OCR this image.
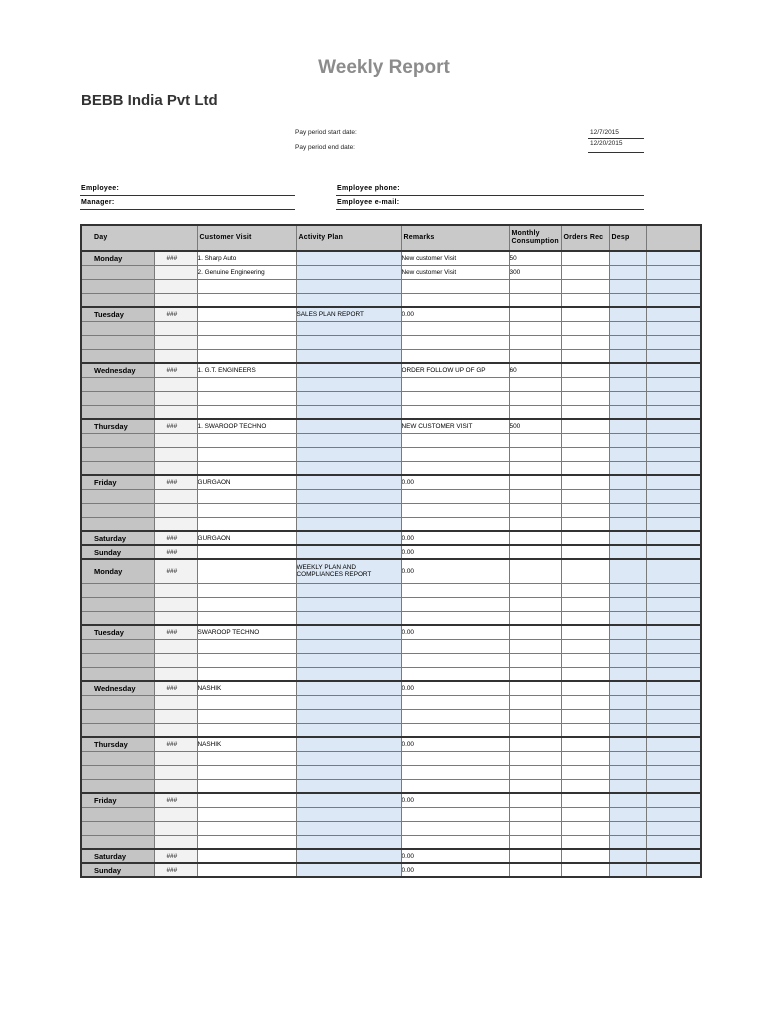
Weekly Report
BEBB India Pvt Ltd
Pay period start date:	12/7/2015
Pay period end date:
12/20/2015
Employee:
Manager:
Employee phone:
Employee e-mail:
Day		Customer Visit	Activity Plan	Remarks	Monthly Consumption	Orders Rec	Desp	
Monday	###	1. Sharp Auto		New customer Visit	50			
		2. Genuine Engineering		New customer Visit	300			

Tuesday	###		SALES PLAN REPORT	0.00				

Wednesday	###	1. G.T. ENGINEERS		ORDER FOLLOW UP OF GP	60			

Thursday	###	1. SWAROOP TECHNO		NEW CUSTOMER VISIT	500			

Friday	###	GURGAON		0.00				

Saturday	###	GURGAON		0.00				
Sunday	###			0.00				
Monday	###		WEEKLY PLAN AND COMPLIANCES REPORT	0.00				

Tuesday	###	SWAROOP TECHNO		0.00				

Wednesday	###	NASHIK		0.00				

Thursday	###	NASHIK		0.00				

Friday	###			0.00				

Saturday	###			0.00				
Sunday	###			0.00				
